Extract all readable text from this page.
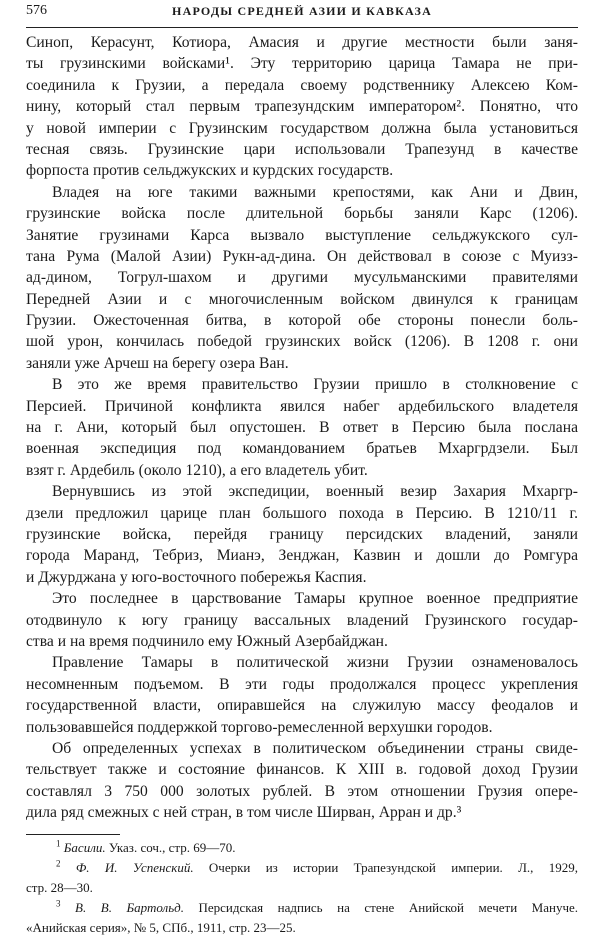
576	НАРОДЫ СРЕДНЕЙ АЗИИ И КАВКАЗА
Синоп, Керасунт, Котиора, Амасия и другие местности были заня-
ты грузинскими войсками¹. Эту территорию царица Тамара не при-
соединила к Грузии, а передала своему родственнику Алексею Ком-
нину, который стал первым трапезундским императором². Понятно, что
у новой империи с Грузинским государством должна была установиться
тесная связь. Грузинские цари использовали Трапезунд в качестве
форпоста против сельджукских и курдских государств.
Владея на юге такими важными крепостями, как Ани и Двин,
грузинские войска после длительной борьбы заняли Карс (1206).
Занятие грузинами Карса вызвало выступление сельджукского сул-
тана Рума (Малой Азии) Рукн-ад-дина. Он действовал в союзе с Муизз-
ад-дином, Тогрул-шахом и другими мусульманскими правителями
Передней Азии и с многочисленным войском двинулся к границам
Грузии. Ожесточенная битва, в которой обе стороны понесли боль-
шой урон, кончилась победой грузинских войск (1206). В 1208 г. они
заняли уже Арчеш на берегу озера Ван.
В это же время правительство Грузии пришло в столкновение с
Персией. Причиной конфликта явился набег ардебильского владетеля
на г. Ани, который был опустошен. В ответ в Персию была послана
военная экспедиция под командованием братьев Мхаргрдзели. Был
взят г. Ардебиль (около 1210), а его владетель убит.
Вернувшись из этой экспедиции, военный везир Захария Мхаргр-
дзели предложил царице план большого похода в Персию. В 1210/11 г.
грузинские войска, перейдя границу персидских владений, заняли
города Маранд, Тебриз, Мианэ, Зенджан, Казвин и дошли до Ромгура
и Джурджана у юго-восточного побережья Каспия.
Это последнее в царствование Тамары крупное военное предприятие
отодвинуло к югу границу вассальных владений Грузинского государ-
ства и на время подчинило ему Южный Азербайджан.
Правление Тамары в политической жизни Грузии ознаменовалось
несомненным подъемом. В эти годы продолжался процесс укрепления
государственной власти, опиравшейся на служилую массу феодалов и
пользовавшейся поддержкой торгово-ремесленной верхушки городов.
Об определенных успехах в политическом объединении страны свиде-
тельствует также и состояние финансов. К XIII в. годовой доход Грузии
составлял 3 750 000 золотых рублей. В этом отношении Грузия опере-
дила ряд смежных с ней стран, в том числе Ширван, Арран и др.³
$^1$ Басили. Указ. соч., стр. 69—70.
$^2$ Ф. И. Успенский. Очерки из истории Трапезундской империи. Л., 1929,
стр. 28—30.
$^3$ В. В. Бартольд. Персидская надпись на стене Анийской мечети Мануче.
«Анийская серия», № 5, СПб., 1911, стр. 23—25.
